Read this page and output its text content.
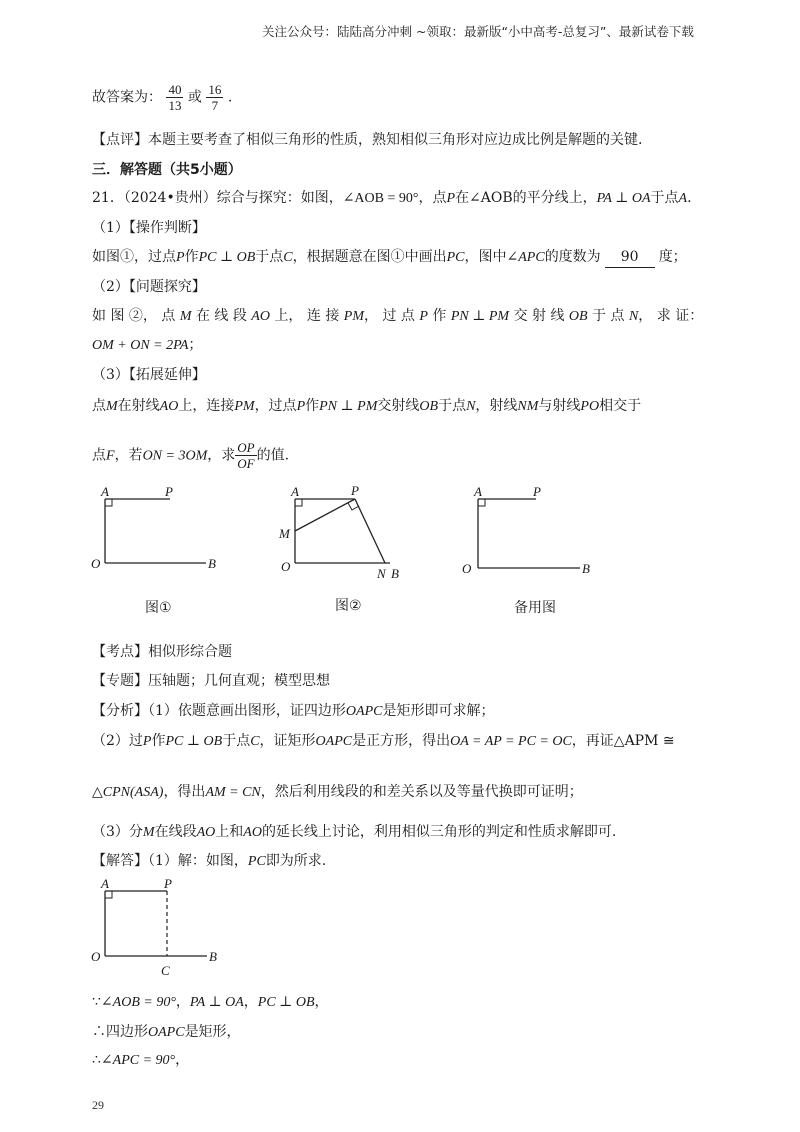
关注公众号：陆陆高分冲刺 ~领取：最新版“小中高考-总复习”、最新试卷下载
故答案为： $\frac{40}{13}$ 或 $\frac{16}{7}$ .
【点评】本题主要考查了相似三角形的性质，熟知相似三角形对应边成比例是解题的关键.
三．解答题（共5小题）
21．（2024•贵州）综合与探究：如图，∠AOB = 90°，点P在∠AOB的平分线上，PA ⊥ OA于点A.
（1）【操作判断】
如图①，过点P作PC ⊥ OB于点C，根据题意在图①中画出PC，图中∠APC的度数为 90 度；
（2）【问题探究】
如 图 ②， 点 M 在 线 段 AO 上， 连 接 PM， 过 点 P 作 PN ⊥ PM 交 射 线 OB 于 点 N， 求 证：
OM + ON = 2PA；
（3）【拓展延伸】
点M在射线AO上，连接PM，过点P作PN ⊥ PM交射线OB于点N，射线NM与射线PO相交于
点F，若ON = 3OM，求 $\frac{OP}{OF}$ 的值.
A	P
O	B
图①
A	P
M
O	N B
图②
A	P
O	B
备用图
【考点】相似形综合题
【专题】压轴题；几何直观；模型思想
【分析】（1）依题意画出图形，证四边形OAPC是矩形即可求解；
（2）过P作PC ⊥ OB于点C，证矩形OAPC是正方形，得出OA = AP = PC = OC，再证△APM ≅
△CPN(ASA)，得出AM = CN，然后利用线段的和差关系以及等量代换即可证明；
（3）分M在线段AO上和AO的延长线上讨论，利用相似三角形的判定和性质求解即可.
【解答】（1）解：如图，PC即为所求.
A	P
O	B
C
∵∠AOB = 90°，PA ⊥ OA，PC ⊥ OB，
∴四边形OAPC是矩形，
∴∠APC = 90°，
29
